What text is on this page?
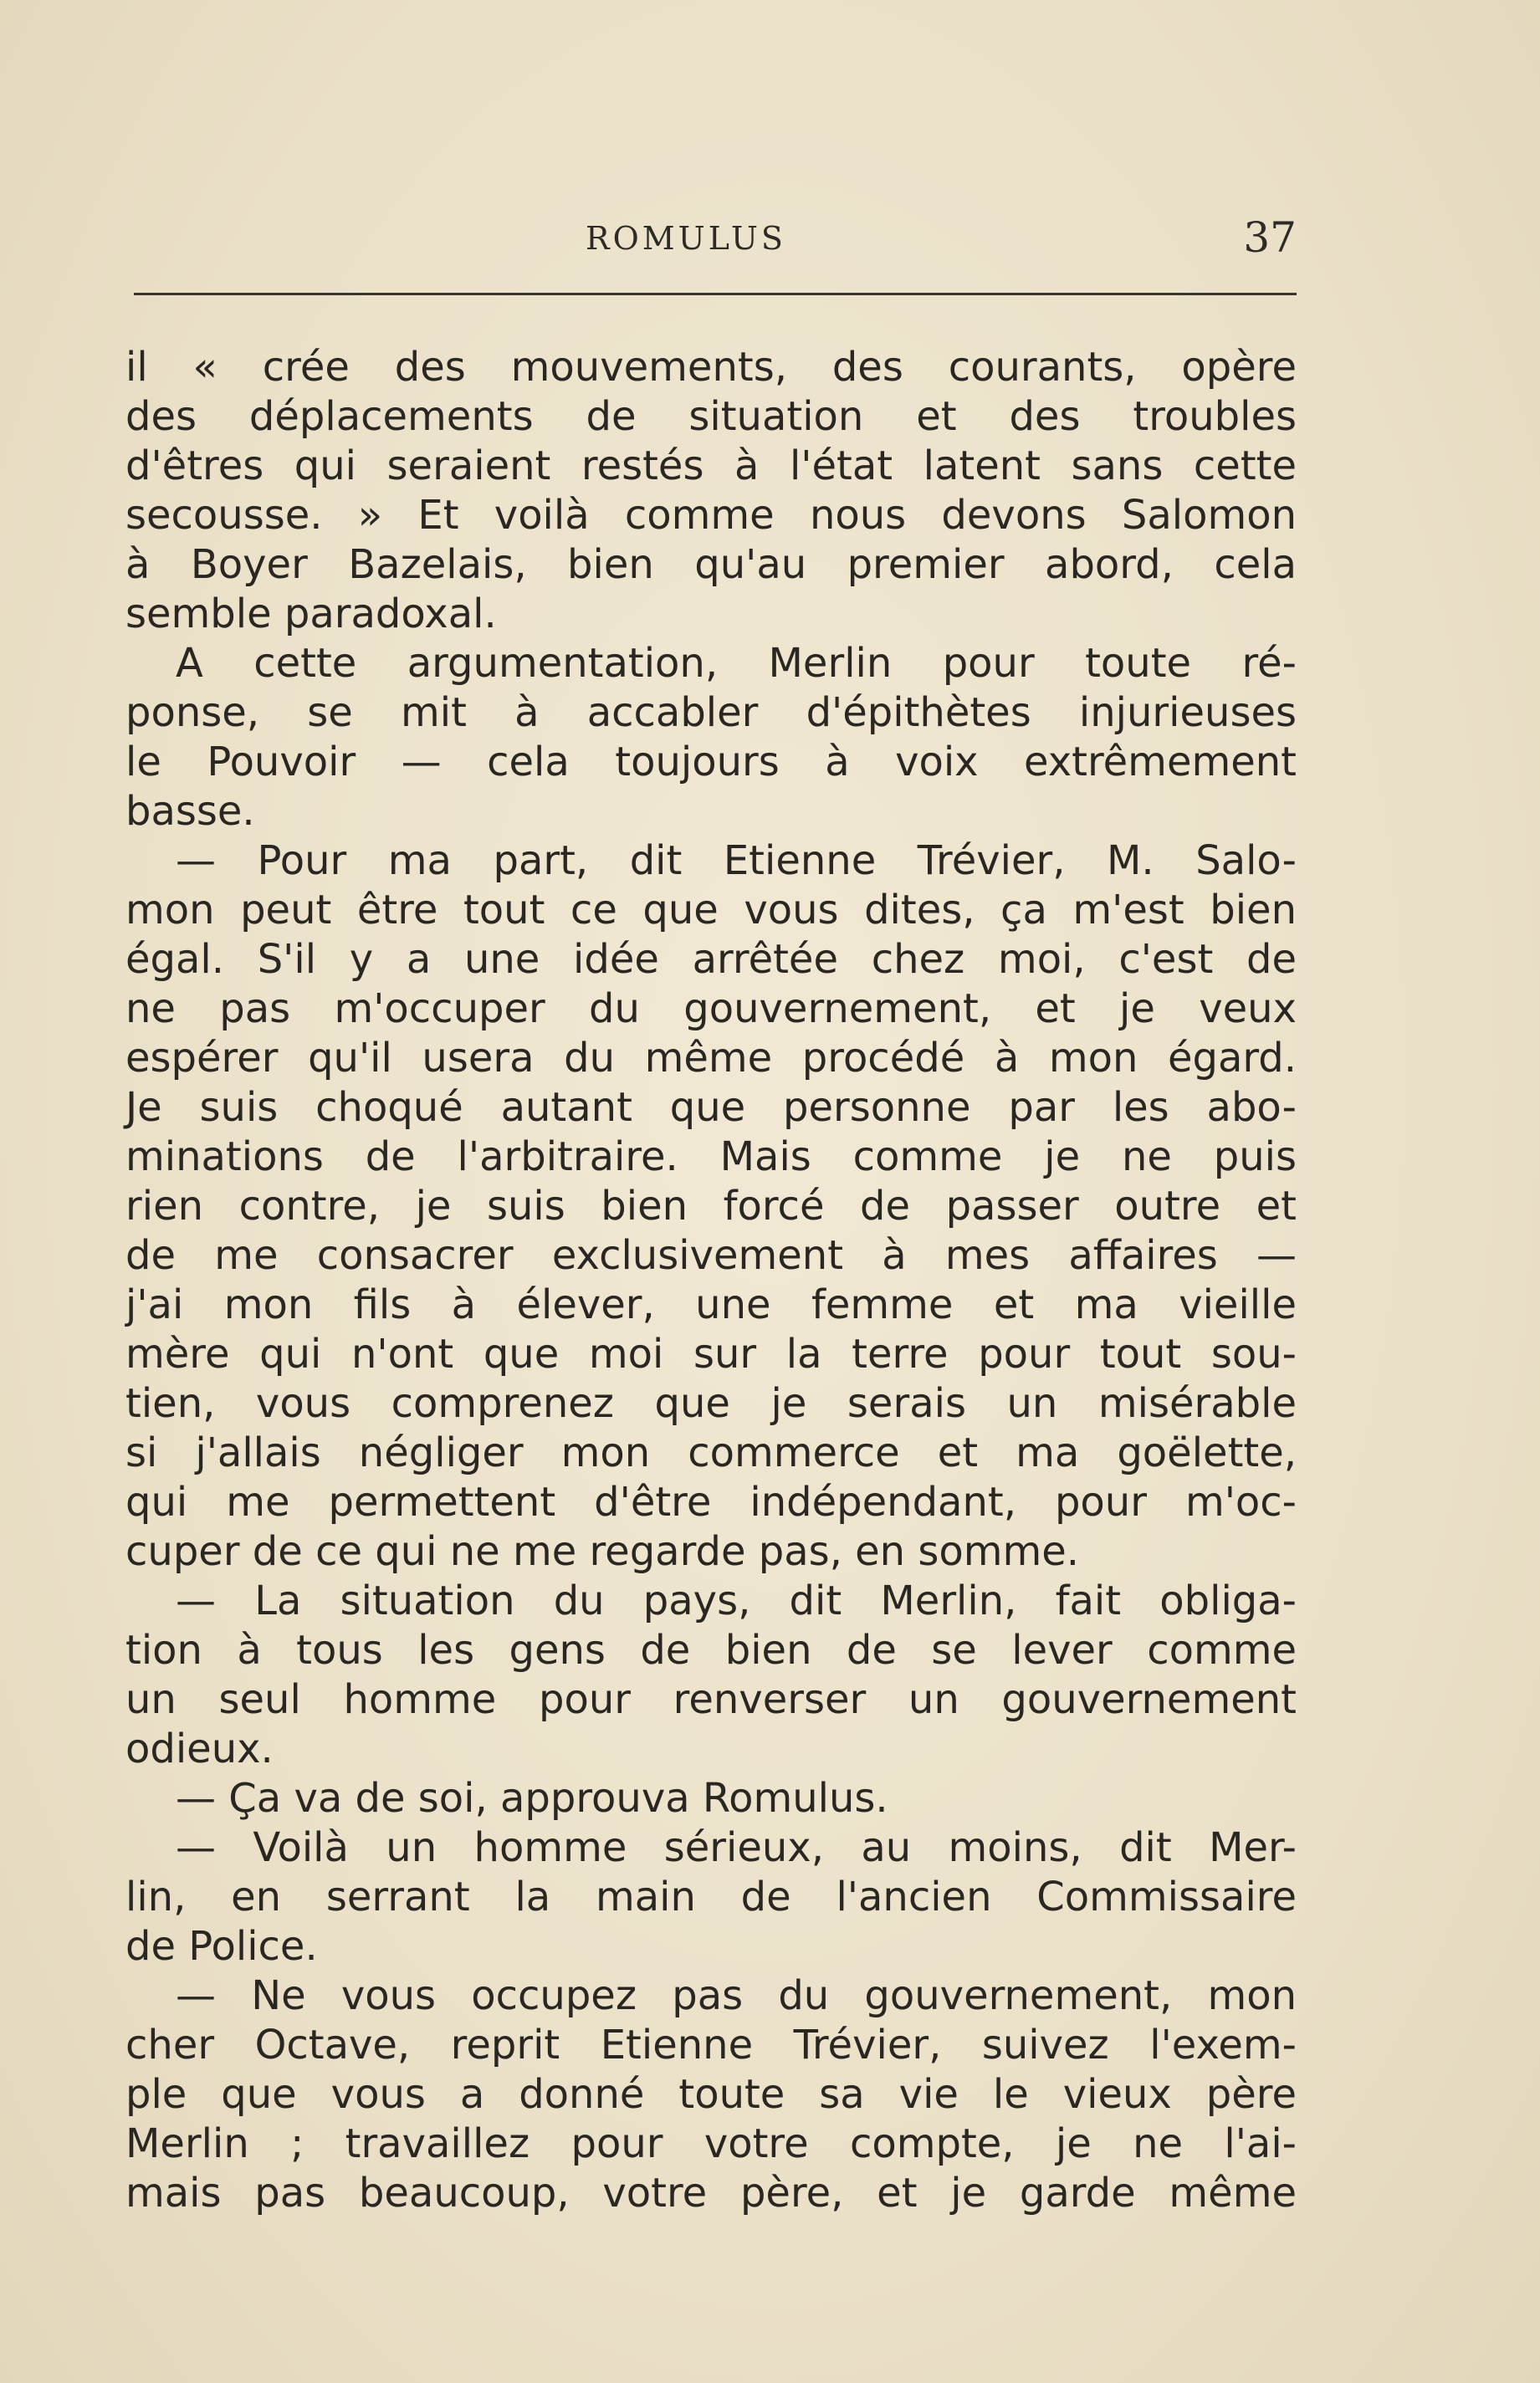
ROMULUS	37
il « crée des mouvements, des courants, opère
des déplacements de situation et des troubles
d'êtres qui seraient restés à l'état latent sans cette
secousse. » Et voilà comme nous devons Salomon
à Boyer Bazelais, bien qu'au premier abord, cela
semble paradoxal.
A cette argumentation, Merlin pour toute ré-
ponse, se mit à accabler d'épithètes injurieuses
le Pouvoir — cela toujours à voix extrêmement
basse.
— Pour ma part, dit Etienne Trévier, M. Salo-
mon peut être tout ce que vous dites, ça m'est bien
égal. S'il y a une idée arrêtée chez moi, c'est de
ne pas m'occuper du gouvernement, et je veux
espérer qu'il usera du même procédé à mon égard.
Je suis choqué autant que personne par les abo-
minations de l'arbitraire. Mais comme je ne puis
rien contre, je suis bien forcé de passer outre et
de me consacrer exclusivement à mes affaires —
j'ai mon fils à élever, une femme et ma vieille
mère qui n'ont que moi sur la terre pour tout sou-
tien, vous comprenez que je serais un misérable
si j'allais négliger mon commerce et ma goëlette,
qui me permettent d'être indépendant, pour m'oc-
cuper de ce qui ne me regarde pas, en somme.
— La situation du pays, dit Merlin, fait obliga-
tion à tous les gens de bien de se lever comme
un seul homme pour renverser un gouvernement
odieux.
— Ça va de soi, approuva Romulus.
— Voilà un homme sérieux, au moins, dit Mer-
lin, en serrant la main de l'ancien Commissaire
de Police.
— Ne vous occupez pas du gouvernement, mon
cher Octave, reprit Etienne Trévier, suivez l'exem-
ple que vous a donné toute sa vie le vieux père
Merlin ; travaillez pour votre compte, je ne l'ai-
mais pas beaucoup, votre père, et je garde même
